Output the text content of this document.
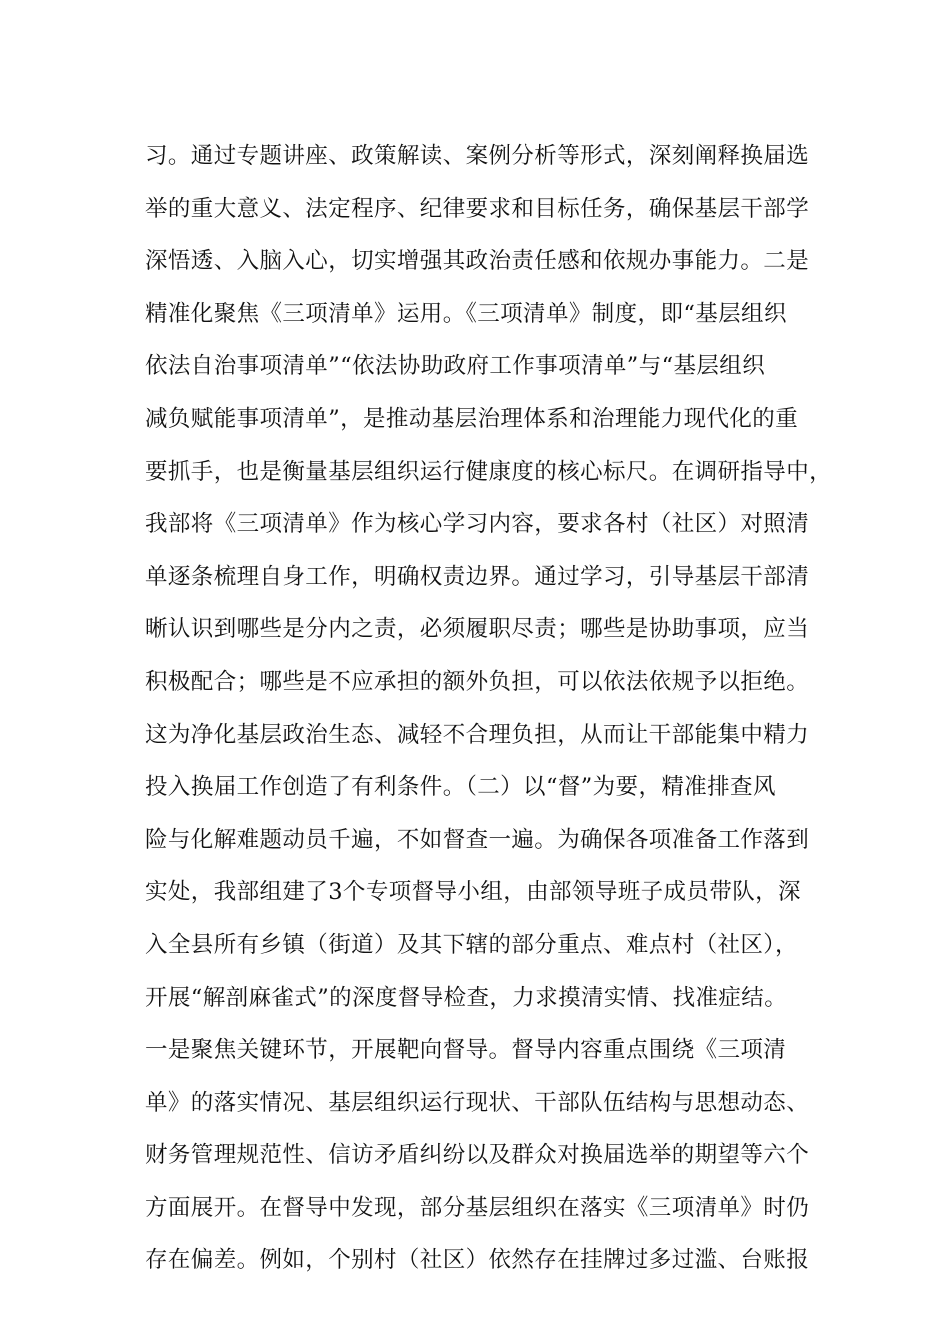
习。通过专题讲座、政策解读、案例分析等形式，深刻阐释换届选
举的重大意义、法定程序、纪律要求和目标任务，确保基层干部学
深悟透、入脑入心，切实增强其政治责任感和依规办事能力。二是
精准化聚焦《三项清单》运用。《三项清单》制度，即“基层组织
依法自治事项清单”“依法协助政府工作事项清单”与“基层组织
减负赋能事项清单”，是推动基层治理体系和治理能力现代化的重
要抓手，也是衡量基层组织运行健康度的核心标尺。在调研指导中，
我部将《三项清单》作为核心学习内容，要求各村（社区）对照清
单逐条梳理自身工作，明确权责边界。通过学习，引导基层干部清
晰认识到哪些是分内之责，必须履职尽责；哪些是协助事项，应当
积极配合；哪些是不应承担的额外负担，可以依法依规予以拒绝。
这为净化基层政治生态、减轻不合理负担，从而让干部能集中精力
投入换届工作创造了有利条件。（二）以“督”为要，精准排查风
险与化解难题动员千遍，不如督查一遍。为确保各项准备工作落到
实处，我部组建了3个专项督导小组，由部领导班子成员带队，深
入全县所有乡镇（街道）及其下辖的部分重点、难点村（社区），
开展“解剖麻雀式”的深度督导检查，力求摸清实情、找准症结。
一是聚焦关键环节，开展靶向督导。督导内容重点围绕《三项清
单》的落实情况、基层组织运行现状、干部队伍结构与思想动态、
财务管理规范性、信访矛盾纠纷以及群众对换届选举的期望等六个
方面展开。在督导中发现，部分基层组织在落实《三项清单》时仍
存在偏差。例如，个别村（社区）依然存在挂牌过多过滥、台账报
